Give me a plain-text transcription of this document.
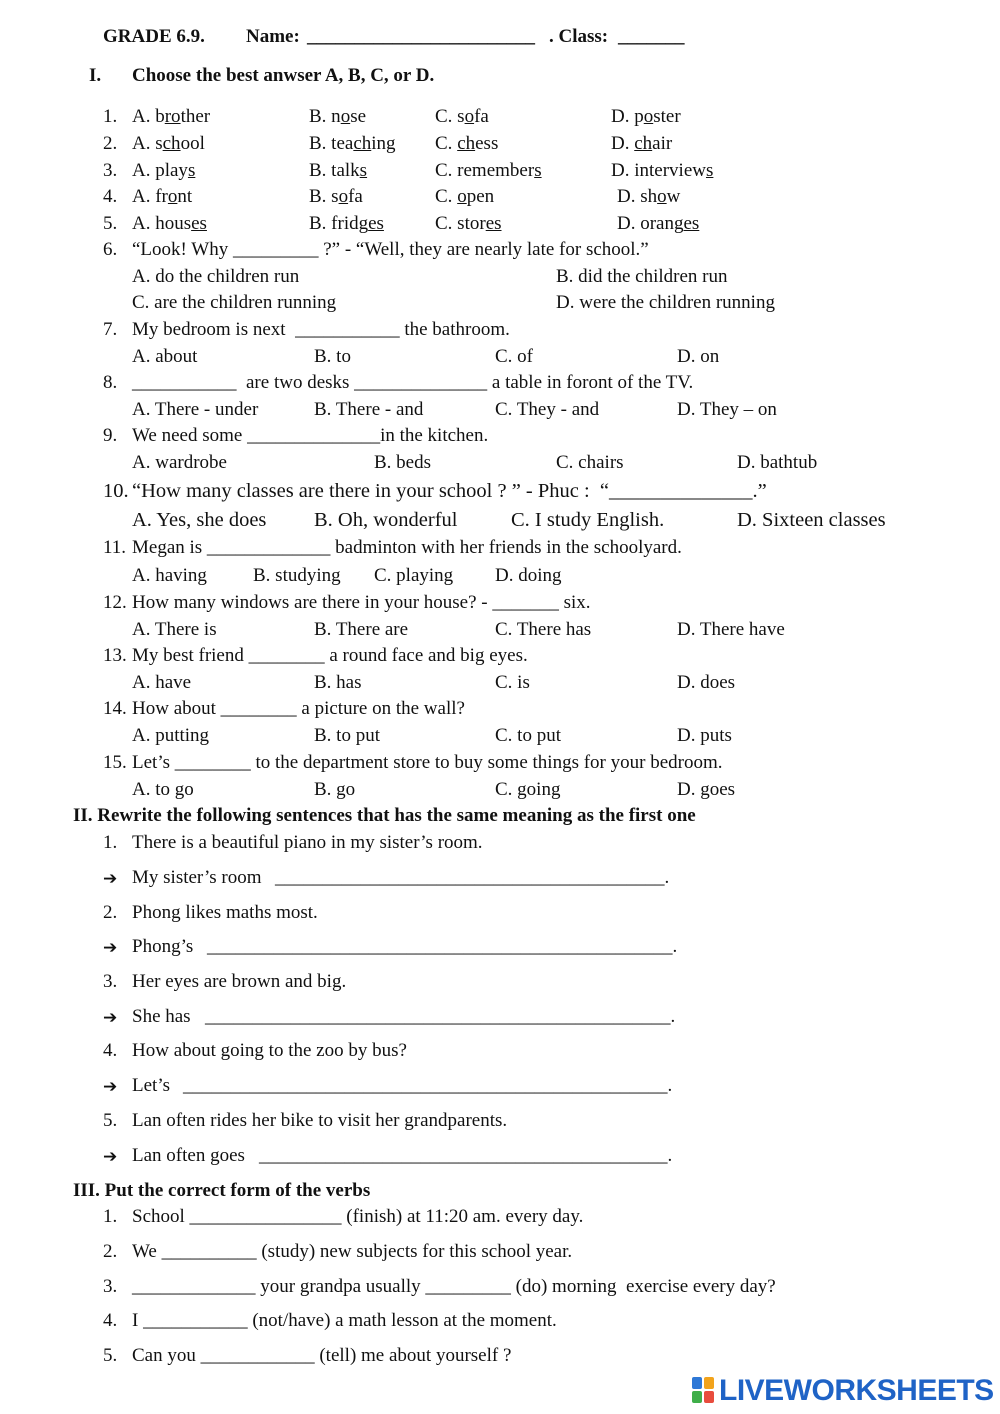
GRADE 6.9. Name: ________________________ . Class: _______
I. Choose the best anwser A, B, C, or D.
1. A. brother	B. nose	C. sofa	D. poster
2. A. school	B. teaching C. chess	D. chair
3. A. plays	B. talks	C. remembers	D. interviews
4. A. front	B. sofa	C. open	D. show
5. A. houses	B. fridges	C. stores	D. oranges
6. “Look! Why _________ ?” - “Well, they are nearly late for school.”
A. do the children run	B. did the children run
C. are the children running	D. were the children running
7. My bedroom is next  ___________ the bathroom.
A. about	B. to	C. of	D. on
8. ___________  are two desks ______________ a table in foront of the TV.
A. There - under	B. There - and	C. They - and	D. They – on
9. We need some ______________in the kitchen.
A. wardrobe	B. beds	C. chairs	D. bathtub
10. “How many classes are there in your school ? ” - Phuc :  “______________.”
A. Yes, she does B. Oh, wonderful	C. I study English.	D. Sixteen classes
11. Megan is _____________ badminton with her friends in the schoolyard.
A. having B. studying C. playing D. doing
12. How many windows are there in your house? - _______ six.
A. There is	B. There are	C. There has	D. There have
13. My best friend ________ a round face and big eyes.
A. have	B. has	C. is	D. does
14. How about ________ a picture on the wall?
A. putting	B. to put	C. to put	D. puts
15. Let’s ________ to the department store to buy some things for your bedroom.
A. to go	B. go	C. going	D. goes
II. Rewrite the following sentences that has the same meaning as the first one
1. There is a beautiful piano in my sister’s room.
➔ My sister’s room _________________________________________.
2. Phong likes maths most.
➔ Phong’s _________________________________________________.
3. Her eyes are brown and big.
➔ She has _________________________________________________.
4. How about going to the zoo by bus?
➔ Let’s ___________________________________________________.
5. Lan often rides her bike to visit her grandparents.
➔ Lan often goes ___________________________________________.
III. Put the correct form of the verbs
1. School ________________ (finish) at 11:20 am. every day.
2. We __________ (study) new subjects for this school year.
3. _____________ your grandpa usually _________ (do) morning  exercise every day?
4. I ___________ (not/have) a math lesson at the moment.
5. Can you ____________ (tell) me about yourself ?
LIVEWORKSHEETS
